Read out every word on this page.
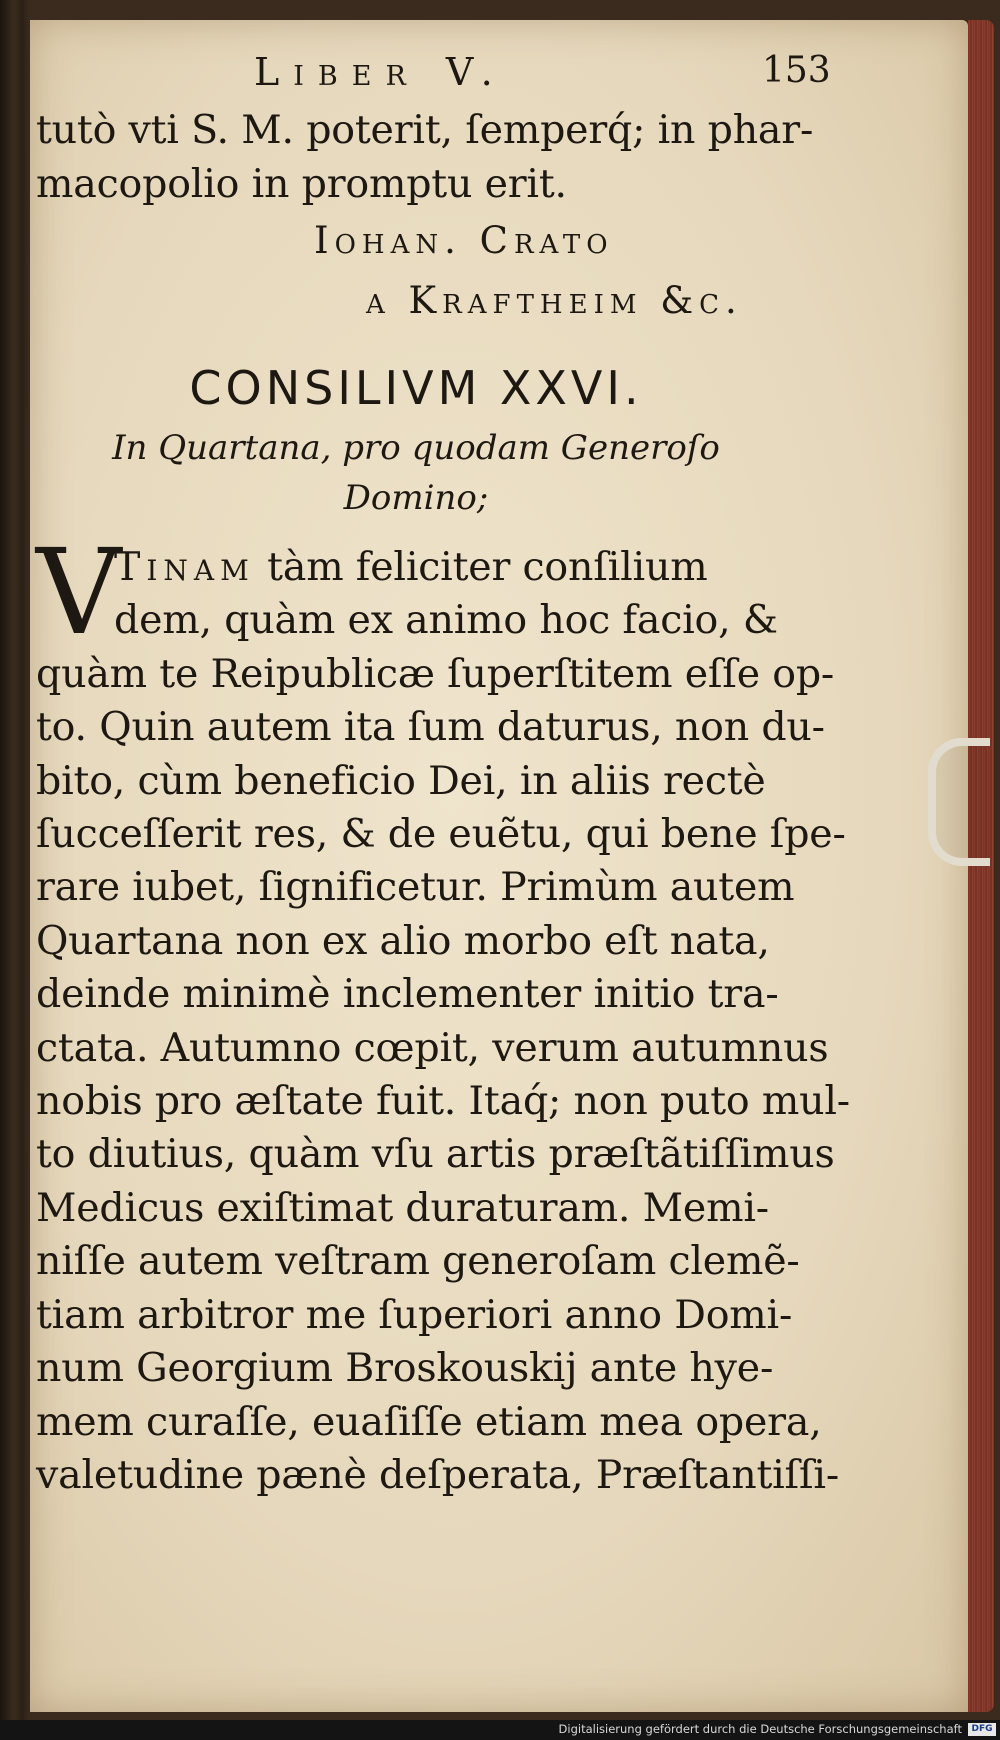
Liber V.	153
tutò vti S. M. poterit, ſemperq́; in phar-
macopolio in promptu erit.
Iohan. Crato
a Kraftheim &c.
CONSILIVM XXVI.
In Quartana, pro quodam Generoſo
Domino;
V
Tinam tàm feliciter conſilium
dem, quàm ex animo hoc facio, &
quàm te Reipublicæ ſuperſtitem eſſe op-
to. Quin autem ita ſum daturus, non du-
bito, cùm beneficio Dei, in aliis rectè
ſucceſſerit res, & de euẽtu, qui bene ſpe-
rare iubet, ſignificetur. Primùm autem
Quartana non ex alio morbo eſt nata,
deinde minimè inclementer initio tra-
ctata. Autumno cœpit, verum autumnus
nobis pro æſtate fuit. Itaq́; non puto mul-
to diutius, quàm vſu artis præſtãtiſſimus
Medicus exiſtimat duraturam. Memi-
niſſe autem veſtram generoſam clemẽ-
tiam arbitror me ſuperiori anno Domi-
num Georgium Broskouskij ante hye-
mem curaſſe, euaſiſſe etiam mea opera,
valetudine pænè deſperata, Præſtantiſſi-
Digitalisierung gefördert durch die Deutsche Forschungsgemeinschaft	DFG
